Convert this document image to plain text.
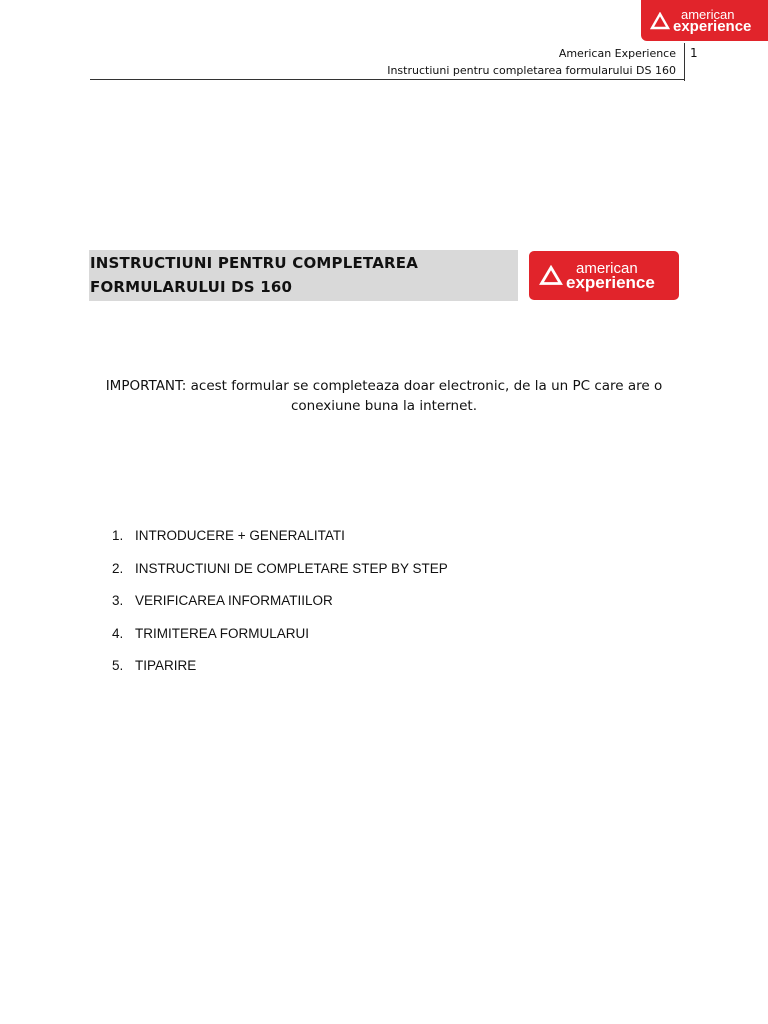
american
experience
American Experience
Instructiuni pentru completarea formularului DS 160
1
INSTRUCTIUNI PENTRU COMPLETAREA
FORMULARULUI DS 160
american
experience
IMPORTANT: acest formular se completeaza doar electronic, de la un PC care are o
conexiune buna la internet.
1. INTRODUCERE + GENERALITATI
2. INSTRUCTIUNI DE COMPLETARE STEP BY STEP
3. VERIFICAREA INFORMATIILOR
4. TRIMITEREA FORMULARUI
5. TIPARIRE
